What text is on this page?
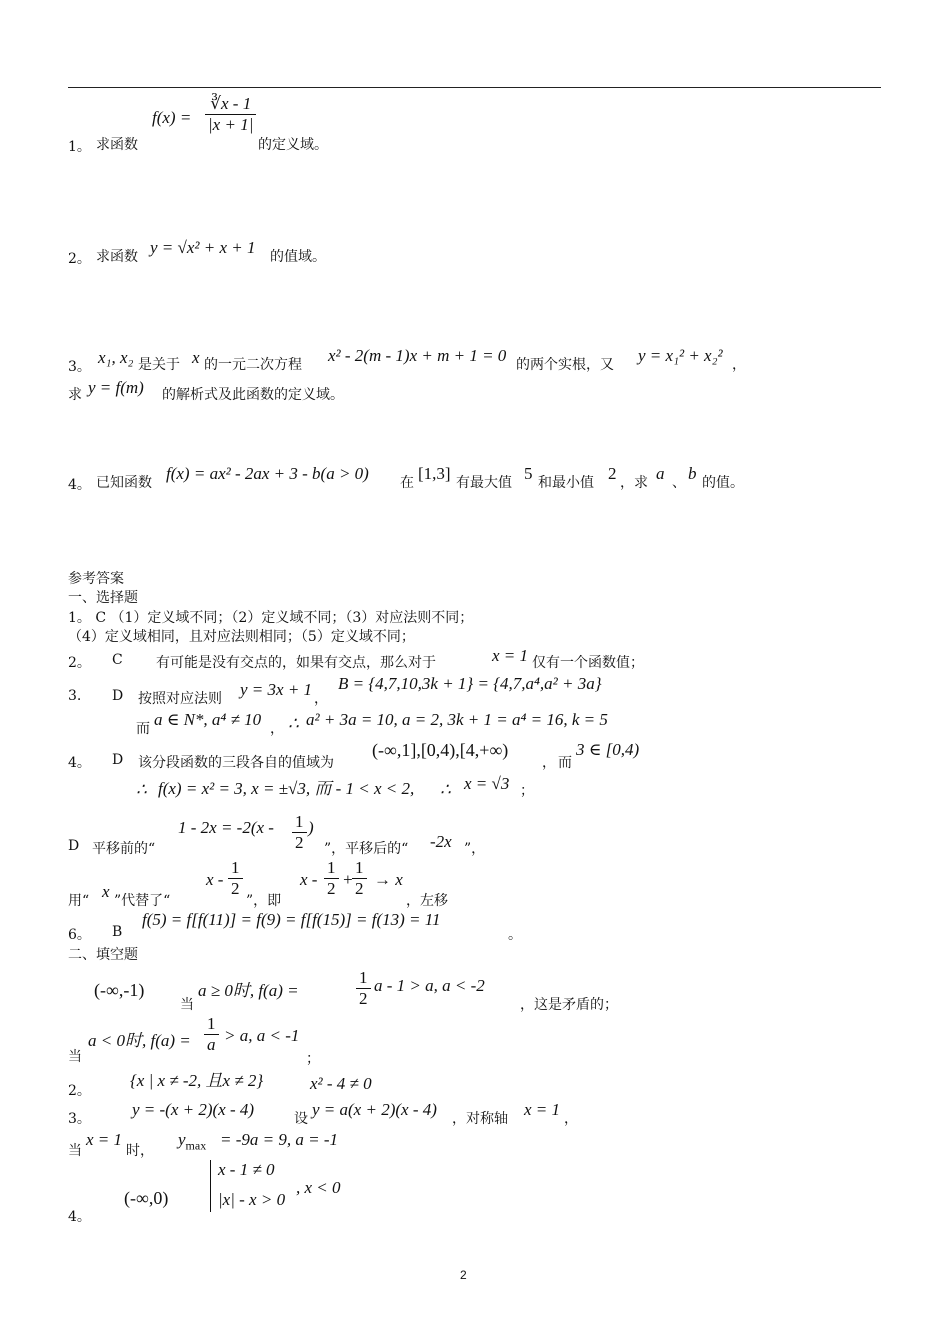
1。 求函数
$f(x) = \frac{∛x - 1}{|x + 1|}$
的定义域。
2。 求函数 y = √x² + x + 1 的值域。
3。 x₁, x₂ 是关于 x 的一元二次方程 x² - 2(m - 1)x + m + 1 = 0 的两个实根，又 y = x₁² + x₂² ，
求 y = f(m) 的解析式及此函数的定义域。
4。 已知函数 f(x) = ax² - 2ax + 3 - b(a > 0) 在 [1,3] 有最大值 5 和最小值 2 ，求 a 、 b 的值。
参考答案
一、选择题
1。 C （1）定义域不同；（2）定义域不同；（3）对应法则不同；
（4）定义域相同，且对应法则相同；（5）定义域不同；
2。 C 有可能是没有交点的，如果有交点，那么对于	x = 1 仅有一个函数值；
3. D 按照对应法则 y = 3x + 1 ，
B = {4,7,10,3k + 1} = {4,7,a⁴,a² + 3a}
而 a ∈ N*, a⁴ ≠ 10 ， ∴ a² + 3a = 10, a = 2, 3k + 1 = a⁴ = 16, k = 5
4。 D 该分段函数的三段各自的值域为
(-∞,1],[0,4),[4,+∞)
， 而
3 ∈ [0,4)
∴ f(x) = x² = 3, x = ±√3, 而 - 1 < x < 2, ∴ x = √3 ；
D 平移前的“
$1 - 2x = -2(x - \frac{1}{2}$ )
”，平移后的“ -2x ”，
用“ x ”代替了“
x - $\frac{1}{2}$
”，即
x - $\frac{1}{2}$ +
$\frac{1}{2} \to x$
，左移
6。 B
f(5) = f[f(11)] = f(9) = f[f(15)] = f(13) = 11
。
二、填空题
(-∞,-1)
当
a ≥ 0时, f(a) =	$\frac{1}{2}$ a - 1 > a, a < -2
，这是矛盾的；
当
a < 0时, $f(a) = \frac{1}{a} > a$, a < -1
；
2。
{x | x ≠ -2, 且x ≠ 2}	x² - 4 ≠ 0
3。 y = -(x + 2)(x - 4)	设 y = a(x + 2)(x - 4) ，对称轴 x = 1 ，
当
x = 1
时，
$y_{max} = -9a = 9$, a = -1
4。
(-∞,0)
x - 1 ≠ 0
|x| - x > 0
, x < 0
2
